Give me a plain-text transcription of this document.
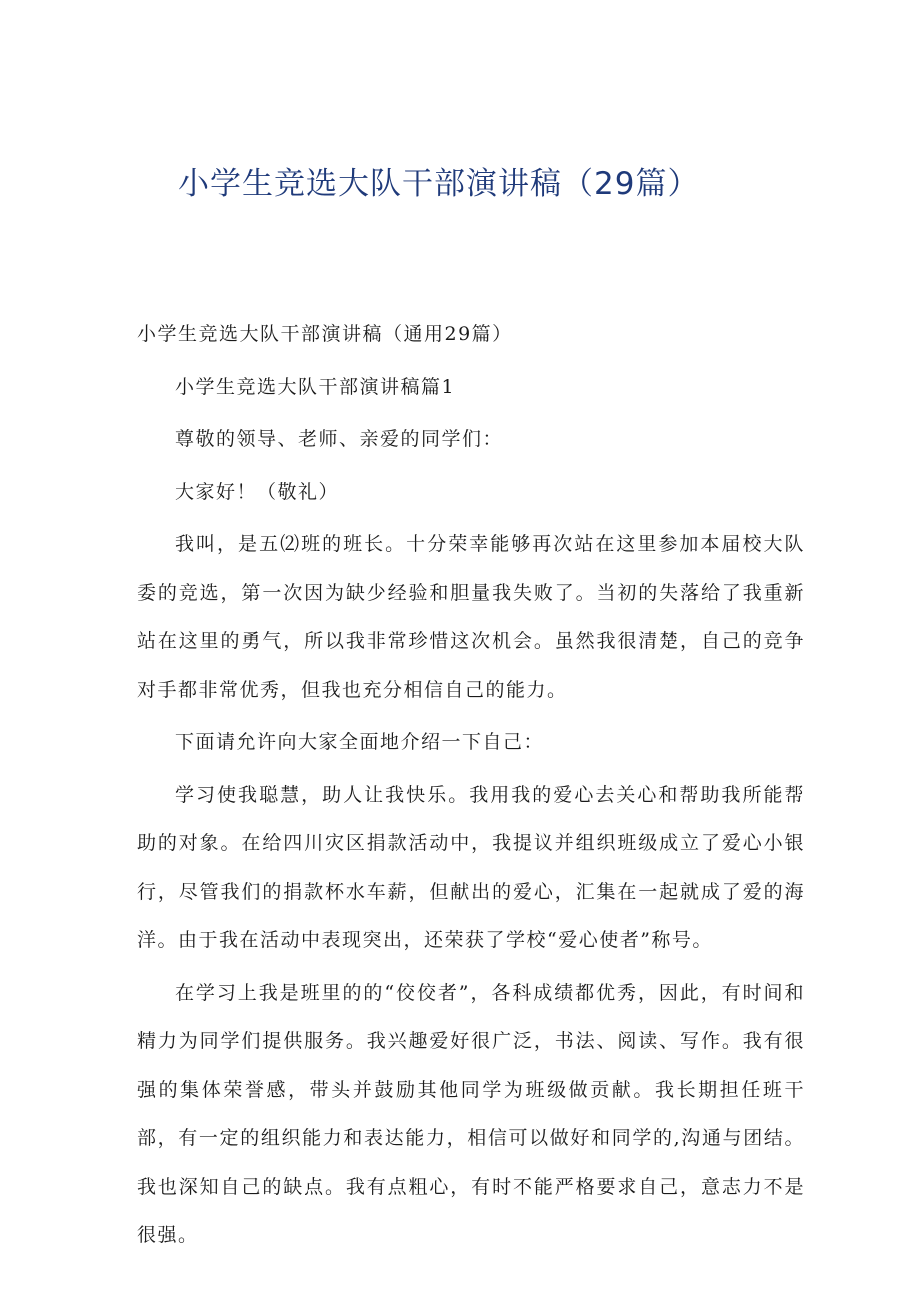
小学生竞选大队干部演讲稿（29篇）

小学生竞选大队干部演讲稿（通用29篇）

小学生竞选大队干部演讲稿篇1

尊敬的领导、老师、亲爱的同学们：

大家好！（敬礼）

我叫，是五⑵班的班长。十分荣幸能够再次站在这里参加本届校大队委的竞选，第一次因为缺少经验和胆量我失败了。当初的失落给了我重新站在这里的勇气，所以我非常珍惜这次机会。虽然我很清楚，自己的竞争对手都非常优秀，但我也充分相信自己的能力。

下面请允许向大家全面地介绍一下自己：

学习使我聪慧，助人让我快乐。我用我的爱心去关心和帮助我所能帮助的对象。在给四川灾区捐款活动中，我提议并组织班级成立了爱心小银行，尽管我们的捐款杯水车薪，但献出的爱心，汇集在一起就成了爱的海洋。由于我在活动中表现突出，还荣获了学校“爱心使者”称号。

在学习上我是班里的的“佼佼者”，各科成绩都优秀，因此，有时间和精力为同学们提供服务。我兴趣爱好很广泛，书法、阅读、写作。我有很强的集体荣誉感，带头并鼓励其他同学为班级做贡献。我长期担任班干部，有一定的组织能力和表达能力，相信可以做好和同学的,沟通与团结。我也深知自己的缺点。我有点粗心，有时不能严格要求自己，意志力不是很强。
